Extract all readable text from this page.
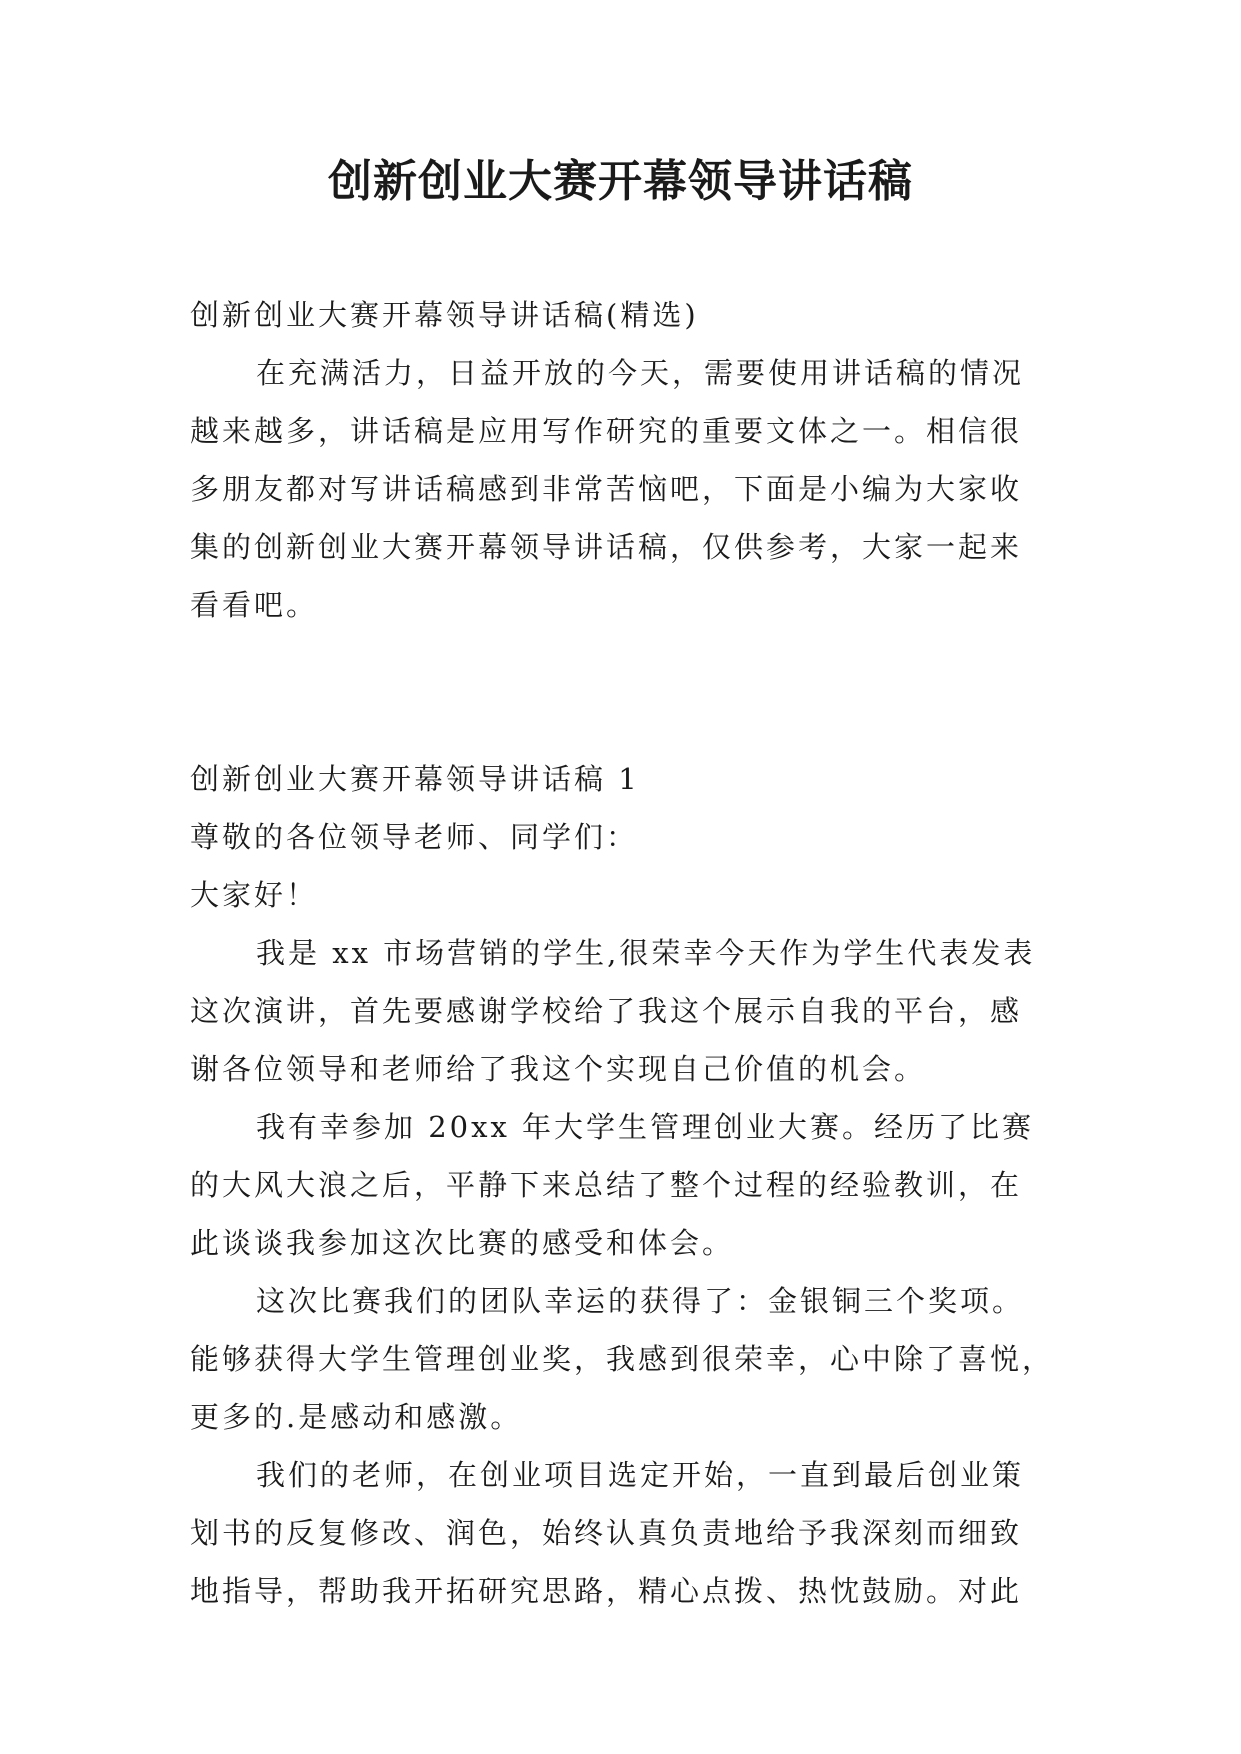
创新创业大赛开幕领导讲话稿

创新创业大赛开幕领导讲话稿(精选)

在充满活力，日益开放的今天，需要使用讲话稿的情况

越来越多，讲话稿是应用写作研究的重要文体之一。相信很

多朋友都对写讲话稿感到非常苦恼吧，下面是小编为大家收

集的创新创业大赛开幕领导讲话稿，仅供参考，大家一起来

看看吧。

创新创业大赛开幕领导讲话稿 1

尊敬的各位领导老师、同学们：

大家好！

我是 xx 市场营销的学生,很荣幸今天作为学生代表发表

这次演讲，首先要感谢学校给了我这个展示自我的平台，感

谢各位领导和老师给了我这个实现自己价值的机会。

我有幸参加 20xx 年大学生管理创业大赛。经历了比赛

的大风大浪之后，平静下来总结了整个过程的经验教训，在

此谈谈我参加这次比赛的感受和体会。

这次比赛我们的团队幸运的获得了：金银铜三个奖项。

能够获得大学生管理创业奖，我感到很荣幸，心中除了喜悦，

更多的.是感动和感激。

我们的老师，在创业项目选定开始，一直到最后创业策

划书的反复修改、润色，始终认真负责地给予我深刻而细致

地指导，帮助我开拓研究思路，精心点拨、热忱鼓励。对此
